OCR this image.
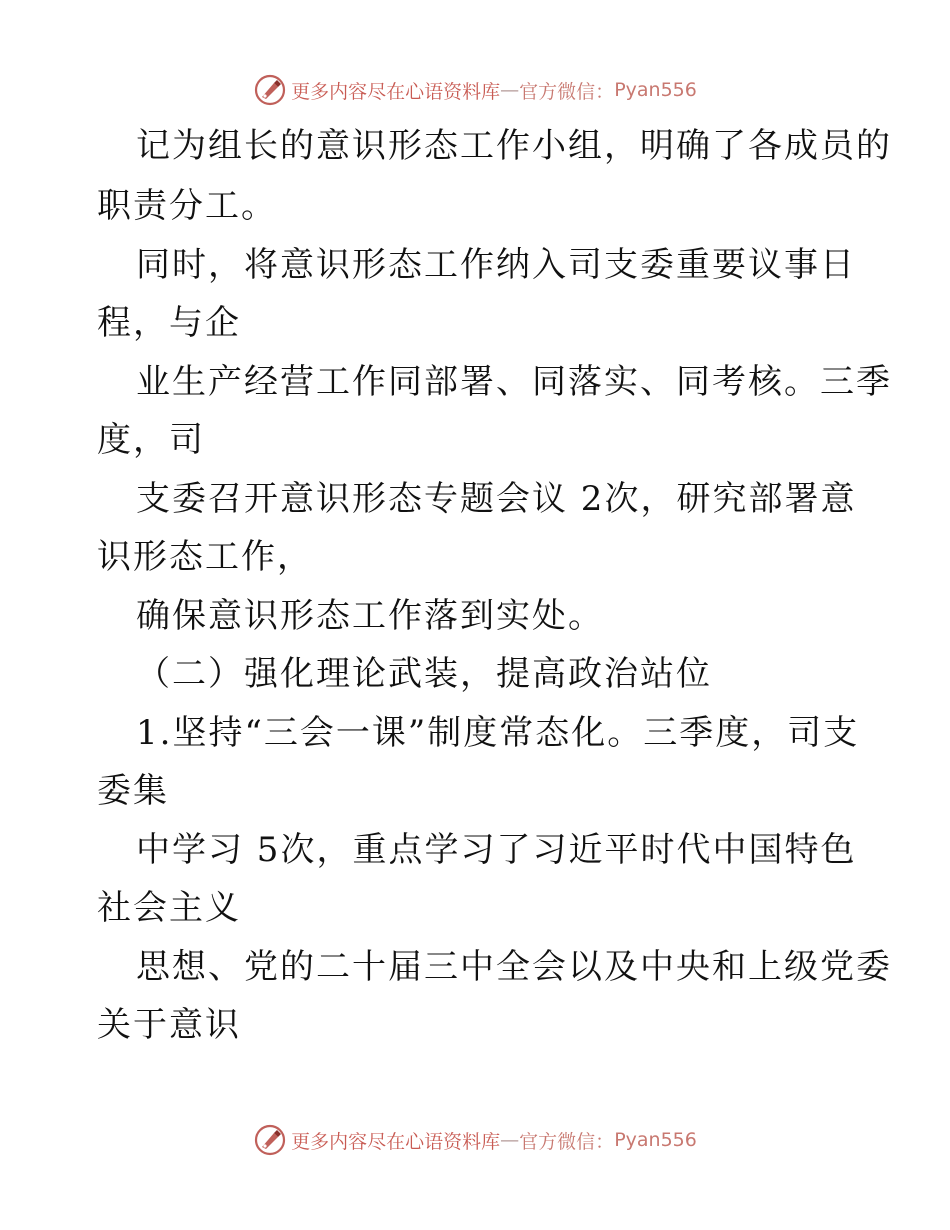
更多内容尽在心语资料库 — 官方微信： Pyan556
记为组长的意识形态工作小组，明确了各成员的
职责分工。
同时，将意识形态工作纳入司支委重要议事日
程，与企
业生产经营工作同部署、同落实、同考核。三季
度，司
支委召开意识形态专题会议 2次，研究部署意
识形态工作，
确保意识形态工作落到实处。
（二）强化理论武装，提高政治站位
1.坚持“三会一课”制度常态化。三季度，司支
委集
中学习 5次，重点学习了习近平时代中国特色
社会主义
思想、党的二十届三中全会以及中央和上级党委
关于意识
更多内容尽在心语资料库 — 官方微信： Pyan556
